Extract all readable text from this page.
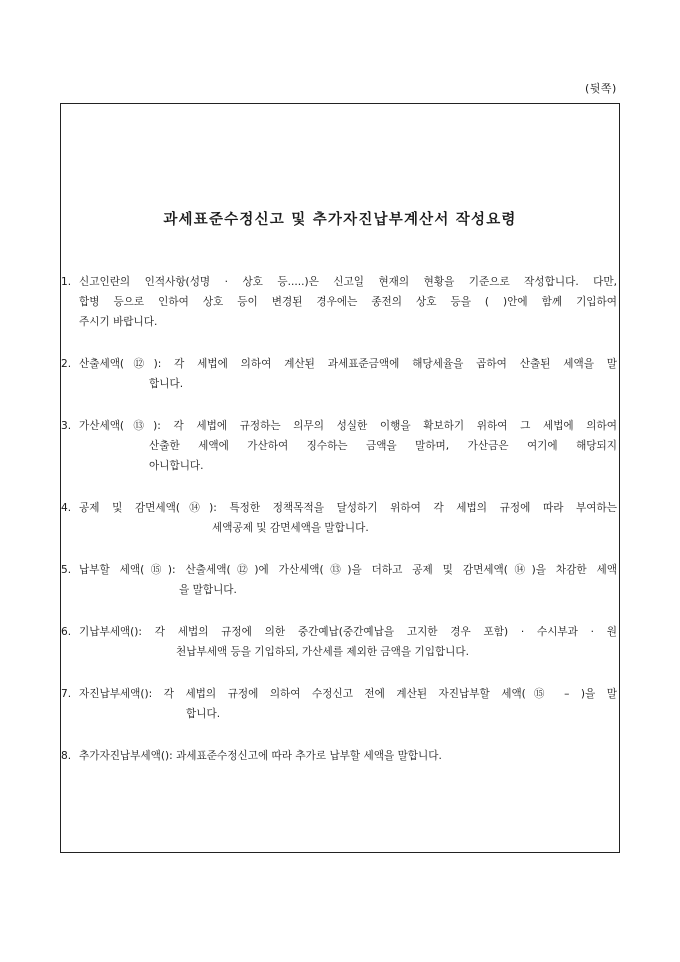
(뒷쪽)
과세표준수정신고 및 추가자진납부계산서 작성요령
1. 신고인란의 인적사항(성명 · 상호 등.....)은 신고일 현재의 현황을 기준으로 작성합니다. 다만,
합병 등으로 인하여 상호 등이 변경된 경우에는 종전의 상호 등을 ( )안에 함께 기입하여
주시기 바랍니다.
2. 산출세액(⑫): 각 세법에 의하여 계산된 과세표준금액에 해당세율을 곱하여 산출된 세액을 말
합니다.
3. 가산세액(⑬): 각 세법에 규정하는 의무의 성실한 이행을 확보하기 위하여 그 세법에 의하여
산출한 세액에 가산하여 징수하는 금액을 말하며, 가산금은 여기에 해당되지
아니합니다.
4. 공제 및 감면세액(⑭): 특정한 정책목적을 달성하기 위하여 각 세법의 규정에 따라 부여하는
세액공제 및 감면세액을 말합니다.
5. 납부할 세액(⑮): 산출세액(⑫)에 가산세액(⑬)을 더하고 공제 및 감면세액(⑭)을 차감한 세액
을 말합니다.
6. 기납부세액(): 각 세법의 규정에 의한 중간예납(중간예납을 고지한 경우 포함) · 수시부과 · 원
천납부세액 등을 기입하되, 가산세를 제외한 금액을 기입합니다.
7. 자진납부세액(): 각 세법의 규정에 의하여 수정신고 전에 계산된 자진납부할 세액(⑮ – )을 말
합니다.
8. 추가자진납부세액(): 과세표준수정신고에 따라 추가로 납부할 세액을 말합니다.
